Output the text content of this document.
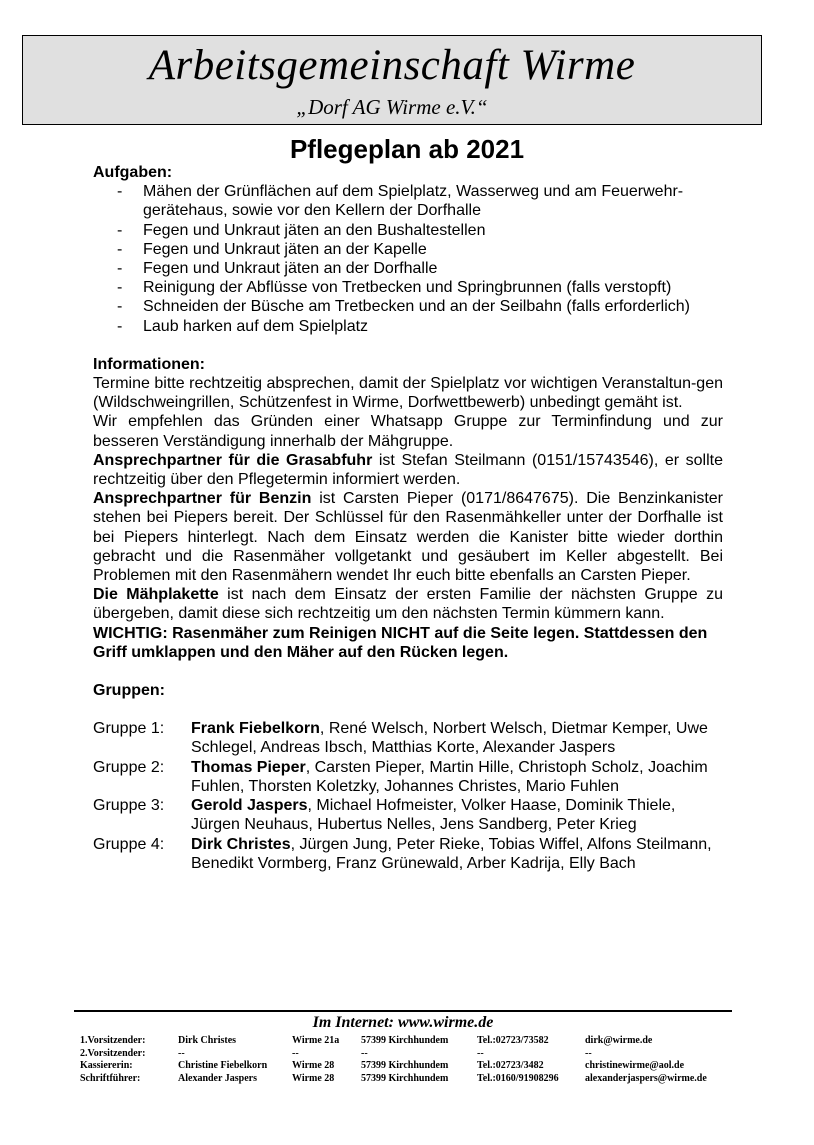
Arbeitsgemeinschaft Wirme
„Dorf AG Wirme e.V.“
Pflegeplan ab 2021
Aufgaben:
- Mähen der Grünflächen auf dem Spielplatz, Wasserweg und am Feuerwehr-gerätehaus, sowie vor den Kellern der Dorfhalle
- Fegen und Unkraut jäten an den Bushaltestellen
- Fegen und Unkraut jäten an der Kapelle
- Fegen und Unkraut jäten an der Dorfhalle
- Reinigung der Abflüsse von Tretbecken und Springbrunnen (falls verstopft)
- Schneiden der Büsche am Tretbecken und an der Seilbahn (falls erforderlich)
- Laub harken auf dem Spielplatz
Informationen:

Termine bitte rechtzeitig absprechen, damit der Spielplatz vor wichtigen Veranstaltun-gen (Wildschweingrillen, Schützenfest in Wirme, Dorfwettbewerb) unbedingt gemäht ist.

Wir empfehlen das Gründen einer Whatsapp Gruppe zur Terminfindung und zur besseren Verständigung innerhalb der Mähgruppe.

Ansprechpartner für die Grasabfuhr ist Stefan Steilmann (0151/15743546), er sollte rechtzeitig über den Pflegetermin informiert werden.

Ansprechpartner für Benzin ist Carsten Pieper (0171/8647675). Die Benzinkanister stehen bei Piepers bereit. Der Schlüssel für den Rasenmähkeller unter der Dorfhalle ist bei Piepers hinterlegt. Nach dem Einsatz werden die Kanister bitte wieder dorthin gebracht und die Rasenmäher vollgetankt und gesäubert im Keller abgestellt. Bei Problemen mit den Rasenmähern wendet Ihr euch bitte ebenfalls an Carsten Pieper.

Die Mähplakette ist nach dem Einsatz der ersten Familie der nächsten Gruppe zu übergeben, damit diese sich rechtzeitig um den nächsten Termin kümmern kann.

WICHTIG: Rasenmäher zum Reinigen NICHT auf die Seite legen. Stattdessen den Griff umklappen und den Mäher auf den Rücken legen.

Gruppen:
Gruppe 1:	Frank Fiebelkorn, René Welsch, Norbert Welsch, Dietmar Kemper, Uwe Schlegel, Andreas Ibsch, Matthias Korte, Alexander Jaspers
Gruppe 2:	Thomas Pieper, Carsten Pieper, Martin Hille, Christoph Scholz, Joachim Fuhlen, Thorsten Koletzky, Johannes Christes, Mario Fuhlen
Gruppe 3:	Gerold Jaspers, Michael Hofmeister, Volker Haase, Dominik Thiele, Jürgen Neuhaus, Hubertus Nelles, Jens Sandberg, Peter Krieg
Gruppe 4:	Dirk Christes, Jürgen Jung, Peter Rieke, Tobias Wiffel, Alfons Steilmann, Benedikt Vormberg, Franz Grünewald, Arber Kadrija, Elly Bach
Im Internet: www.wirme.de
1.Vorsitzender:	Dirk Christes	Wirme 21a	57399 Kirchhundem	Tel.:02723/73582	dirk@wirme.de
2.Vorsitzender:	--	--	--	--	--
Kassiererin:	Christine Fiebelkorn	Wirme 28	57399 Kirchhundem	Tel.:02723/3482	christinewirme@aol.de
Schriftführer:	Alexander Jaspers	Wirme 28	57399 Kirchhundem	Tel.:0160/91908296	alexanderjaspers@wirme.de
